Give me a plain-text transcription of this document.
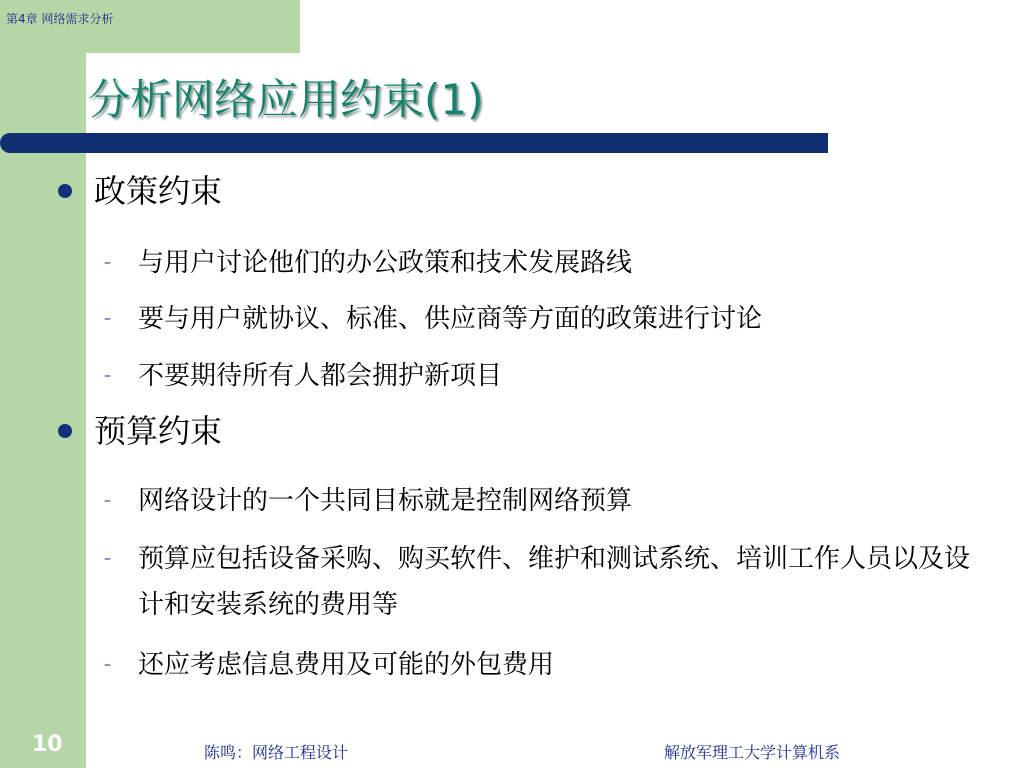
第4章 网络需求分析
分析网络应用约束(1)
政策约束
– 与用户讨论他们的办公政策和技术发展路线
– 要与用户就协议、标准、供应商等方面的政策进行讨论
– 不要期待所有人都会拥护新项目
预算约束
– 网络设计的一个共同目标就是控制网络预算
– 预算应包括设备采购、购买软件、维护和测试系统、培训工作人员以及设计和安装系统的费用等
– 还应考虑信息费用及可能的外包费用
10	陈鸣：网络工程设计	解放军理工大学计算机系
